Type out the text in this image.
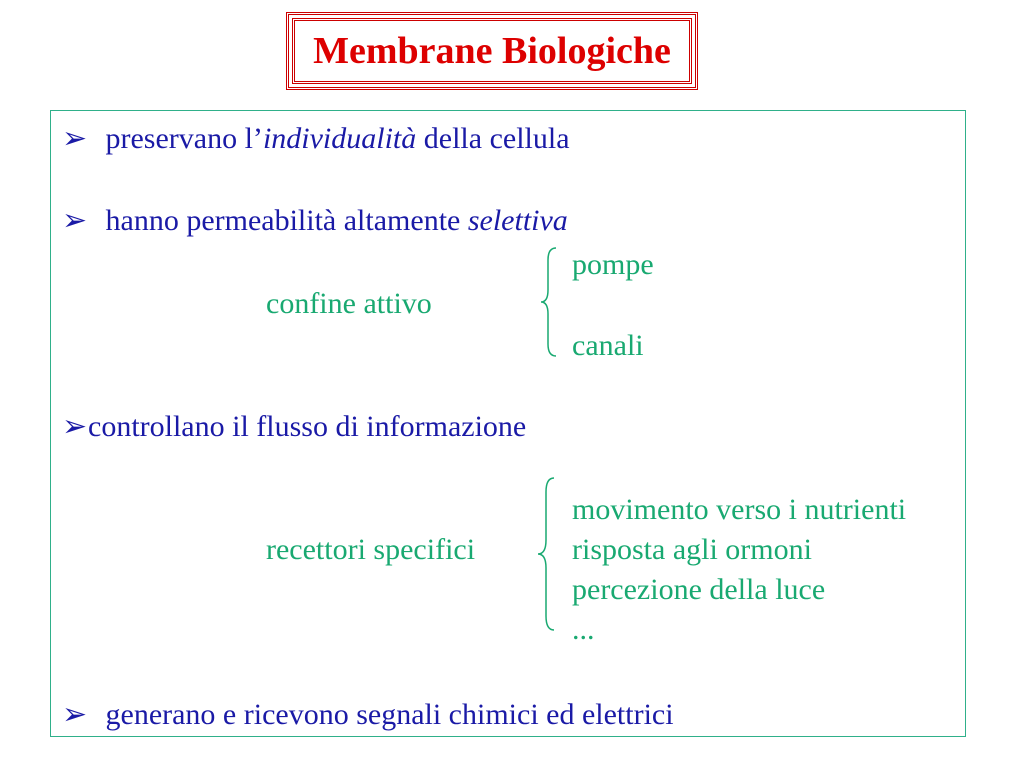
Membrane Biologiche
➢ preservano l’individualità della cellula
➢ hanno permeabilità altamente selettiva
confine attivo
pompe
canali
➢controllano il flusso di informazione
recettori specifici
movimento verso i nutrienti
risposta agli ormoni
percezione della luce
...
➢ generano e ricevono segnali chimici ed elettrici
